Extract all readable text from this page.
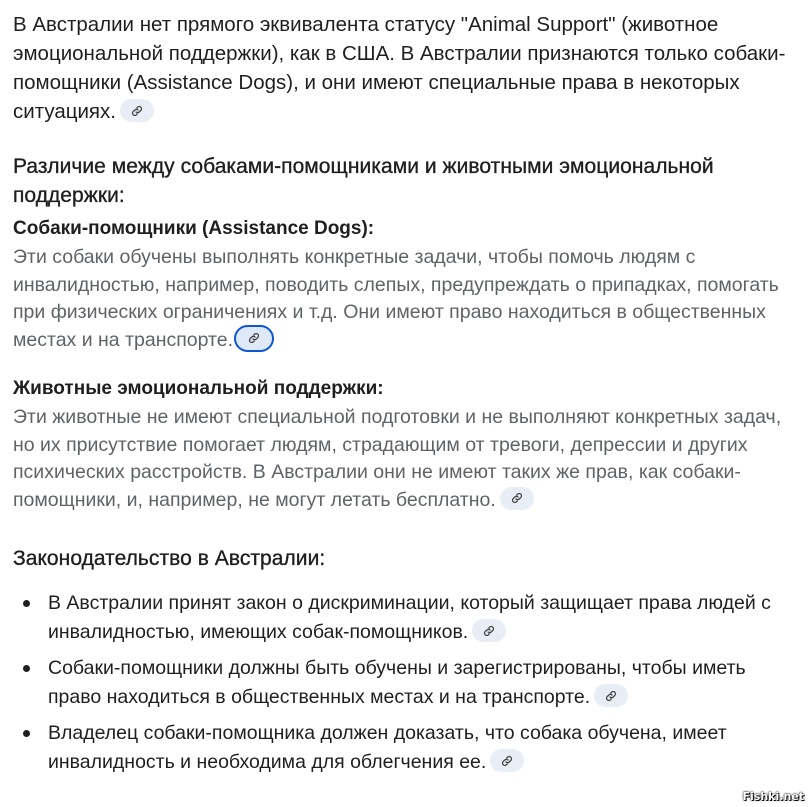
В Австралии нет прямого эквивалента статусу "Animal Support" (животное эмоциональной поддержки), как в США. В Австралии признаются только собаки-помощники (Assistance Dogs), и они имеют специальные права в некоторых ситуациях.

Различие между собаками-помощниками и животными эмоциональной поддержки:
Собаки-помощники (Assistance Dogs):

Эти собаки обучены выполнять конкретные задачи, чтобы помочь людям с инвалидностью, например, поводить слепых, предупреждать о припадках, помогать при физических ограничениях и т.д. Они имеют право находиться в общественных местах и на транспорте.

Животные эмоциональной поддержки:

Эти животные не имеют специальной подготовки и не выполняют конкретных задач, но их присутствие помогает людям, страдающим от тревоги, депрессии и других психических расстройств. В Австралии они не имеют таких же прав, как собаки-помощники, и, например, не могут летать бесплатно.

Законодательство в Австралии:
В Австралии принят закон о дискриминации, который защищает права людей с инвалидностью, имеющих собак-помощников.
Собаки-помощники должны быть обучены и зарегистрированы, чтобы иметь право находиться в общественных местах и на транспорте.
Владелец собаки-помощника должен доказать, что собака обучена, имеет инвалидность и необходима для облегчения ее.
Fishki.net
